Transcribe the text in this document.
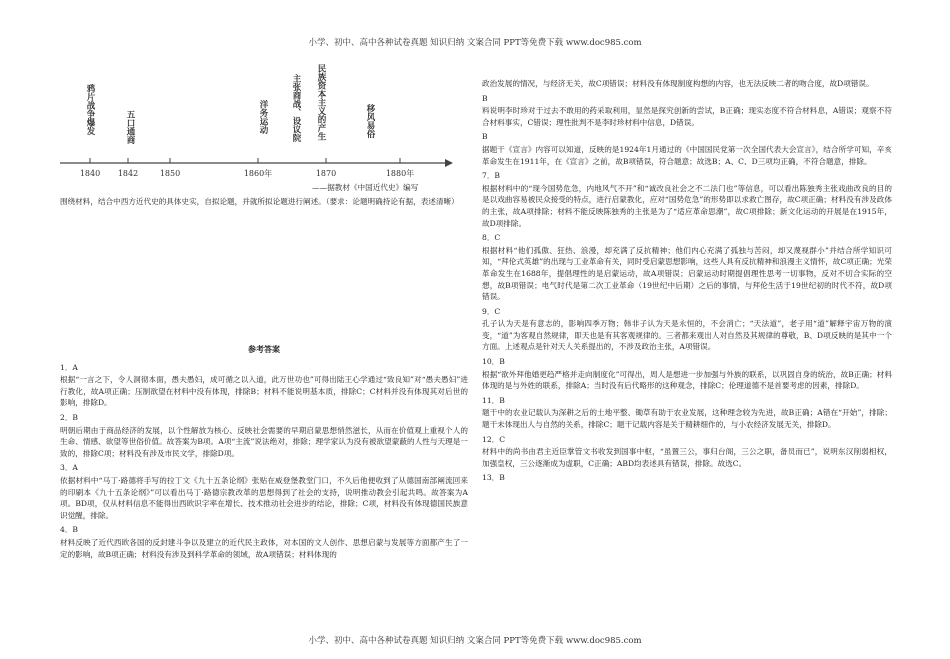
小学、初中、高中各种试卷真题 知识归纳 文案合同 PPT等免费下载 www.doc985.com
1840 1842	1850	1860年	1870	1880年
鸦片战争爆发	五口通商	洋务运动	主张商战、设议院 民族资本主义的产生	移风易俗
——据教材《中国近代史》编写

围绕材料，结合中西方近代史的具体史实，自拟论题，并就所拟论题进行阐述。（要求：论题明确持论有据，表述清晰）

参考答案
1．A

根据“一言之下，令人洞彻本面，愚夫愚妇，成可循之以入道，此万世功也”可得出陆王心学通过“致良知”对“愚夫愚妇”进行教化，故A项正确；压制欲望在材料中没有体现，排除B；材料不能说明基本质，排除C；C材料并没有体现其对后世的影响，排除D。

2．B

明朝后期由于商品经济的发展，以个性解放为核心、反映社会需要的早期启蒙思想悄然滋长，从而在价值观上重视个人的生命、情感、欲望等世俗价值。故答案为B项。A项“主流”说法绝对，排除；理学家认为没有被欲望蒙蔽的人性与天理是一致的，排除C项；材料没有涉及市民文学，排除D项。

3．A

依据材料中“马丁·路德将手写的拉丁文《九十五条论纲》张贴在威登堡教堂门口，不久后他便收到了从德国南部阐流回来的印刷本《九十五条论纲》”可以看出马丁·路德宗教改革的思想得到了社会的支持，说明推动教会引起共鸣。故答案为A项。BD项，仅从材料信息不能得出西欧识字率在增长、技术推动社会进步的结论，排除；C项，材料没有体现德国民族意识觉醒，排除。

4．B

材料反映了近代西欧各国的反封建斗争以及建立的近代民主政体，对本国的文人创作、思想启蒙与发展等方面都产生了一定的影响，故B项正确；材料没有涉及到科学革命的领域，故A项错误；材料体现的

政治发展的情况，与经济无关，故C项错误；材料没有体现制度构想的内容，也无法反映二者的吻合度，故D项错误。

B

料说明李时珍对于过去不敢用的药采取利用，显然是探究创新的尝试，B正确；现实态度不符合材料息，A错误；观察不符合材料事实，C错误；理性批判不是李时珍材料中信息，D错误。

B

据题干《宣言》内容可以知道，反映的是1924年1月通过的《中国国民党第一次全国代表大会宣言》，结合所学可知，辛亥革命发生在1911年，在《宣言》之前，故B项错误，符合题意；故选B；A、C、D三项均正确，不符合题意，排除。

7．B

根据材料中的“现今国势危急，内地风气不开”和“诚改良社会之不二法门也”等信息，可以看出陈独秀主张戏曲改良的目的是以戏曲容易被民众接受的特点，进行启蒙教化，应对“国势危急”的形势即以求救亡图存，故C项正确；材料没有涉及政体的主张，故A项排除；材料不能反映陈独秀的主张是为了“适应革命思潮”，故C项排除；新文化运动的开展是在1915年，故D项排除。

8．C

根据材料“他们孤傲、狂热、浪漫，却充满了反抗精神；他们内心充满了孤独与苦闷，却又蔑视群小”并结合所学知识可知，“拜伦式英雄”的出现与工业革命有关，同时受启蒙思想影响，这些人具有反抗精神和浪漫主义情怀，故C项正确；光荣革命发生在1688年，提倡理性的是启蒙运动，故A项错误；启蒙运动时期提倡理性思考一切事物，反对不切合实际的空想，故B项错误；电气时代是第二次工业革命（19世纪中后期）之后的事情，与拜伦生活于19世纪初的时代不符，故D项错误。

9．C

孔子认为天是有意志的，影响四季万物；韩非子认为天是永恒的，不会消亡；“天法道”，老子用“道”解释宇宙万物的演变，“道”为客观自然规律，即天也是有其客观规律的。三者都来观出人对自然及其规律的尊敬，B、D项反映的是其中一个方面。上述观点是针对天人关系提出的，不涉及政治主张，A项错误。

10．B

根据“欲外拜他婚更趋严格并走向制度化”可得出，周人是想进一步加强与外族的联系，以巩固自身的统治，故B正确；材料体现的是与外姓的联系，排除A；当时没有后代略形的这种观念，排除C；伦理道德不是首要考虑的因素，排除D。

11．B

题干中的农业记载认为深耕之后的土地平整、锄草有助于农业发展，这种理念较为先进，故B正确；A错在“开始”，排除；题干未体现出人与自然的关系，排除C；题干记载内容是关于精耕细作的，与小农经济发展无关，排除D。

12．C

材料中的尚书由君主近臣掌管文书收发到国事中枢，“虽置三公，事归台阁，三公之职，备员而已”，说明东汉削弱相权，加强皇权，三公逐渐成为虚职，C正确；ABD均表述具有错误，排除。故选C。

13．B
小学、初中、高中各种试卷真题 知识归纳 文案合同 PPT等免费下载 www.doc985.com
